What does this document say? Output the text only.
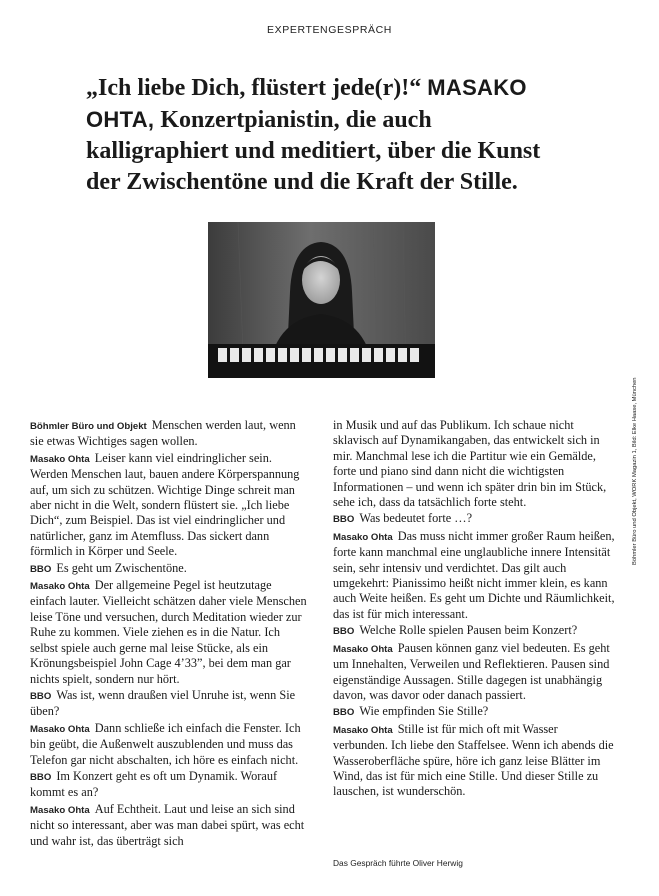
EXPERTENGESPRÄCH
„Ich liebe Dich, flüstert jede(r)!“ MASAKO OHTA, Konzertpianistin, die auch kalligraphiert und meditiert, über die Kunst der Zwischentöne und die Kraft der Stille.
Böhmler Büro und Objekt, WORK Magazin 1, Bild: Elke Haase, München

Böhmler Büro und Objekt Menschen werden laut, wenn sie etwas Wichtiges sagen wollen.

Masako Ohta Leiser kann viel eindringlicher sein. Werden Menschen laut, bauen andere Körperspannung auf, um sich zu schützen. Wichtige Dinge schreit man aber nicht in die Welt, sondern flüstert sie. „Ich liebe Dich“, zum Beispiel. Das ist viel eindringlicher und natürlicher, ganz im Atemfluss. Das sickert dann förmlich in Körper und Seele.

BBO Es geht um Zwischentöne.

Masako Ohta Der allgemeine Pegel ist heutzutage einfach lauter. Vielleicht schätzen daher viele Menschen leise Töne und versuchen, durch Meditation wieder zur Ruhe zu kommen. Viele ziehen es in die Natur. Ich selbst spiele auch gerne mal leise Stücke, als ein Krönungsbeispiel John Cage 4’33”, bei dem man gar nichts spielt, sondern nur hört.

BBO Was ist, wenn draußen viel Unruhe ist, wenn Sie üben?

Masako Ohta Dann schließe ich einfach die Fenster. Ich bin geübt, die Außenwelt auszublenden und muss das Telefon gar nicht abschalten, ich höre es einfach nicht.

BBO Im Konzert geht es oft um Dynamik. Worauf kommt es an?

Masako Ohta Auf Echtheit. Laut und leise an sich sind nicht so interessant, aber was man dabei spürt, was echt und wahr ist, das überträgt sich

in Musik und auf das Publikum. Ich schaue nicht sklavisch auf Dynamikangaben, das entwickelt sich in mir. Manchmal lese ich die Partitur wie ein Gemälde, forte und piano sind dann nicht die wichtigsten Informationen – und wenn ich später drin bin im Stück, sehe ich, dass da tatsächlich forte steht.

BBO Was bedeutet forte …?

Masako Ohta Das muss nicht immer großer Raum heißen, forte kann manchmal eine unglaubliche innere Intensität sein, sehr intensiv und verdichtet. Das gilt auch umgekehrt: Pianissimo heißt nicht immer klein, es kann auch Weite heißen. Es geht um Dichte und Räumlichkeit, das ist für mich interessant.

BBO Welche Rolle spielen Pausen beim Konzert?

Masako Ohta Pausen können ganz viel bedeuten. Es geht um Innehalten, Verweilen und Reflektieren. Pausen sind eigenständige Aussagen. Stille dagegen ist unabhängig davon, was davor oder danach passiert.

BBO Wie empfinden Sie Stille?

Masako Ohta Stille ist für mich oft mit Wasser verbunden. Ich liebe den Staffelsee. Wenn ich abends die Wasseroberfläche spüre, höre ich ganz leise Blätter im Wind, das ist für mich eine Stille. Und dieser Stille zu lauschen, ist wunderschön.

Das Gespräch führte Oliver Herwig
